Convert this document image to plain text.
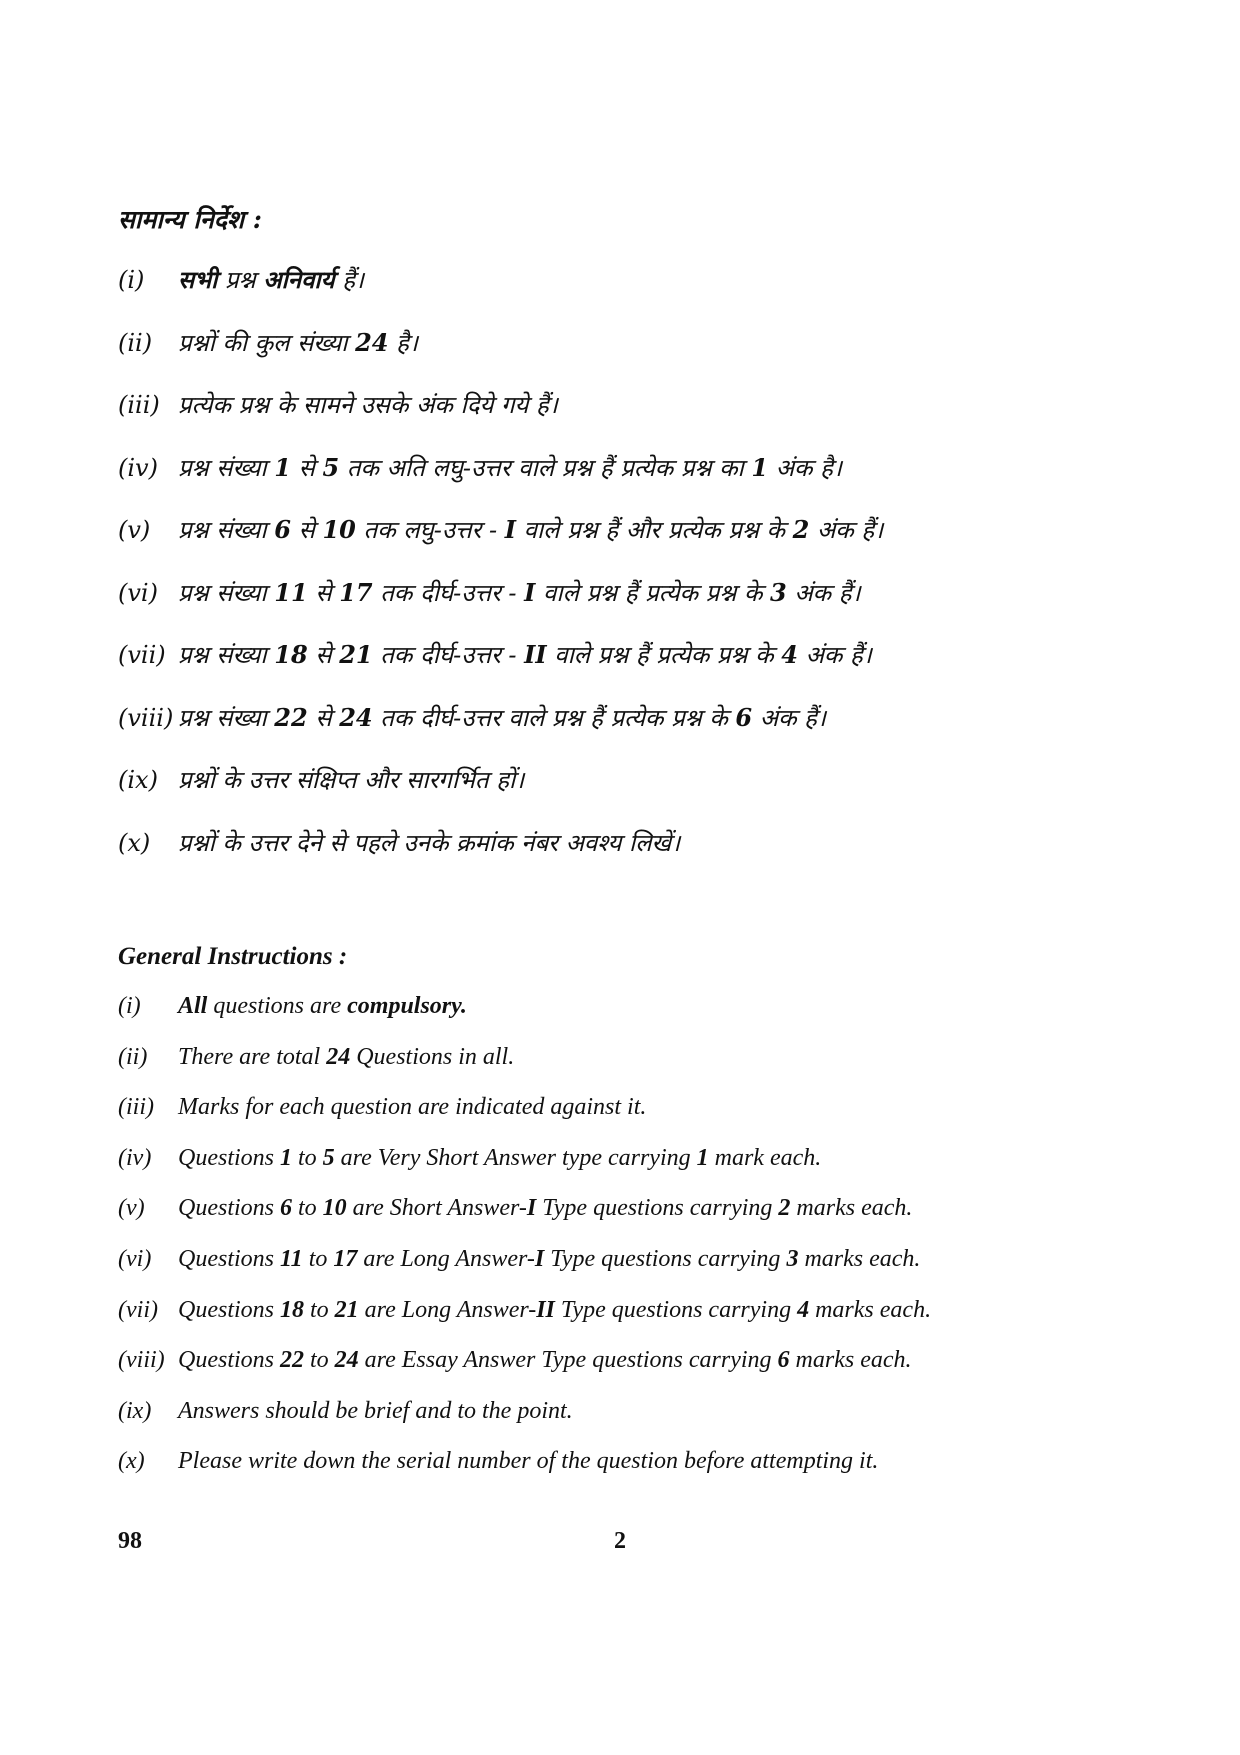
सामान्य निर्देश :
(i)	सभी प्रश्न अनिवार्य हैं।
(ii)	प्रश्नों की कुल संख्या 24 है।
(iii) प्रत्येक प्रश्न के सामने उसके अंक दिये गये हैं।
(iv) प्रश्न संख्या 1 से 5 तक अति लघु-उत्तर वाले प्रश्न हैं प्रत्येक प्रश्न का 1 अंक है।
(v)	प्रश्न संख्या 6 से 10 तक लघु-उत्तर - I वाले प्रश्न हैं और प्रत्येक प्रश्न के 2 अंक हैं।
(vi) प्रश्न संख्या 11 से 17 तक दीर्घ-उत्तर - I वाले प्रश्न हैं प्रत्येक प्रश्न के 3 अंक हैं।
(vii) प्रश्न संख्या 18 से 21 तक दीर्घ-उत्तर - II वाले प्रश्न हैं प्रत्येक प्रश्न के 4 अंक हैं।
(viii) प्रश्न संख्या 22 से 24 तक दीर्घ-उत्तर वाले प्रश्न हैं प्रत्येक प्रश्न के 6 अंक हैं।
(ix) प्रश्नों के उत्तर संक्षिप्त और सारगर्भित हों।
(x)	प्रश्नों के उत्तर देने से पहले उनके क्रमांक नंबर अवश्य लिखें।
General Instructions :
(i)	All questions are compulsory.
(ii)	There are total 24 Questions in all.
(iii)	Marks for each question are indicated against it.
(iv)	Questions 1 to 5 are Very Short Answer type carrying 1 mark each.
(v)	Questions 6 to 10 are Short Answer-I Type questions carrying 2 marks each.
(vi)	Questions 11 to 17 are Long Answer-I Type questions carrying 3 marks each.
(vii) Questions 18 to 21 are Long Answer-II Type questions carrying 4 marks each.
(viii) Questions 22 to 24 are Essay Answer Type questions carrying 6 marks each.
(ix)	Answers should be brief and to the point.
(x)	Please write down the serial number of the question before attempting it.
98	2
